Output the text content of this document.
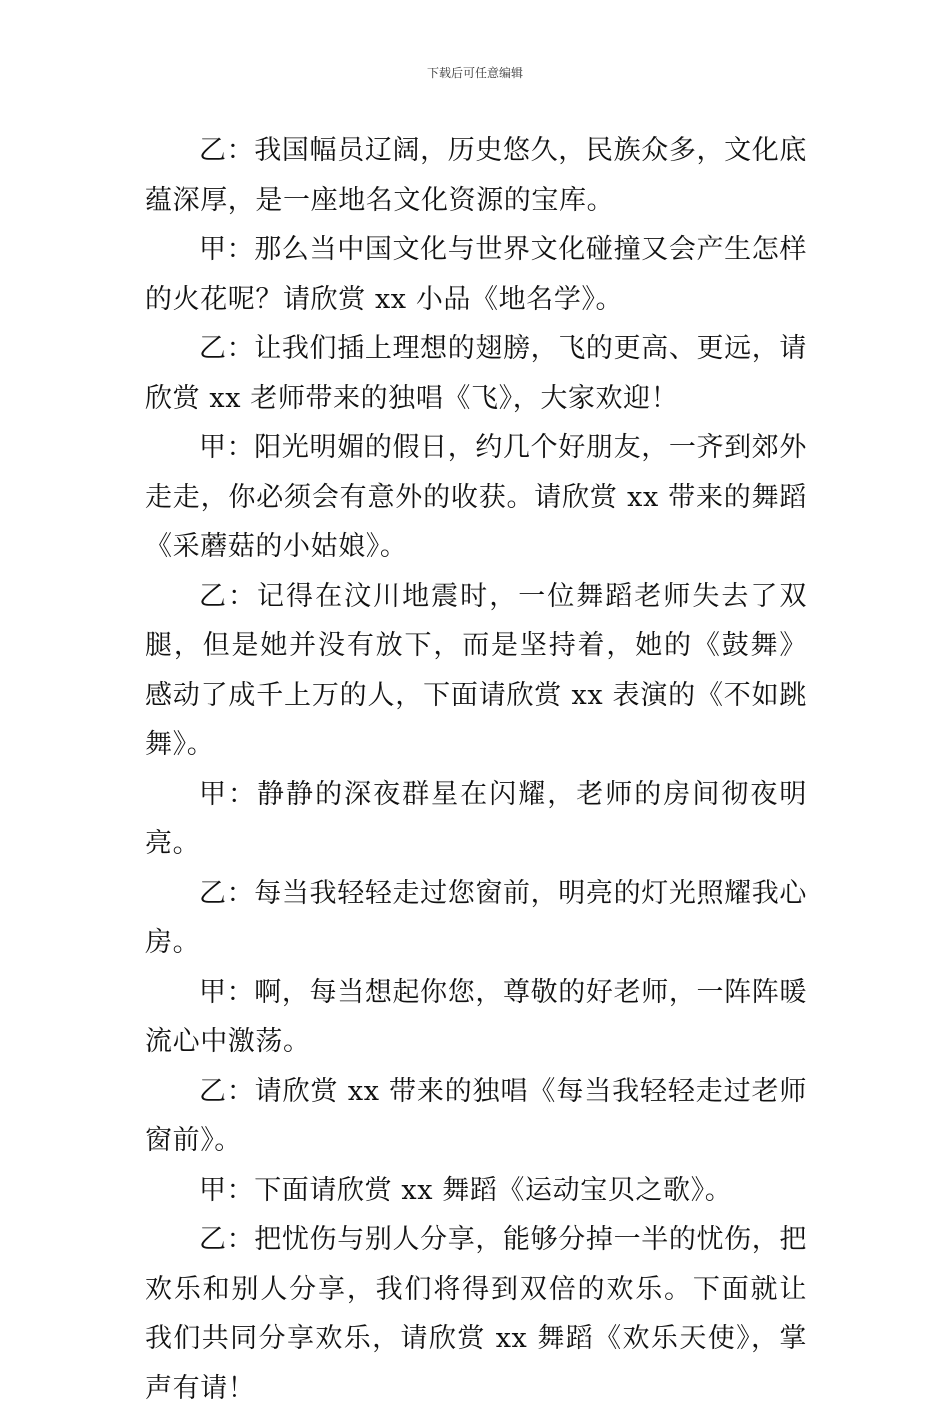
下载后可任意编辑

乙：我国幅员辽阔，历史悠久，民族众多，文化底蕴深厚，是一座地名文化资源的宝库。

甲：那么当中国文化与世界文化碰撞又会产生怎样的火花呢？请欣赏 xx 小品《地名学》。

乙：让我们插上理想的翅膀，飞的更高、更远，请欣赏 xx 老师带来的独唱《飞》，大家欢迎！

甲：阳光明媚的假日，约几个好朋友，一齐到郊外走走，你必须会有意外的收获。请欣赏 xx 带来的舞蹈《采蘑菇的小姑娘》。

乙：记得在汶川地震时，一位舞蹈老师失去了双腿，但是她并没有放下，而是坚持着，她的《鼓舞》感动了成千上万的人，下面请欣赏 xx 表演的《不如跳舞》。

甲：静静的深夜群星在闪耀，老师的房间彻夜明亮。

乙：每当我轻轻走过您窗前，明亮的灯光照耀我心房。

甲：啊，每当想起你您，尊敬的好老师，一阵阵暖流心中激荡。

乙：请欣赏 xx 带来的独唱《每当我轻轻走过老师窗前》。

甲：下面请欣赏 xx 舞蹈《运动宝贝之歌》。

乙：把忧伤与别人分享，能够分掉一半的忧伤，把欢乐和别人分享，我们将得到双倍的欢乐。下面就让我们共同分享欢乐，请欣赏 xx 舞蹈《欢乐天使》，掌声有请！
